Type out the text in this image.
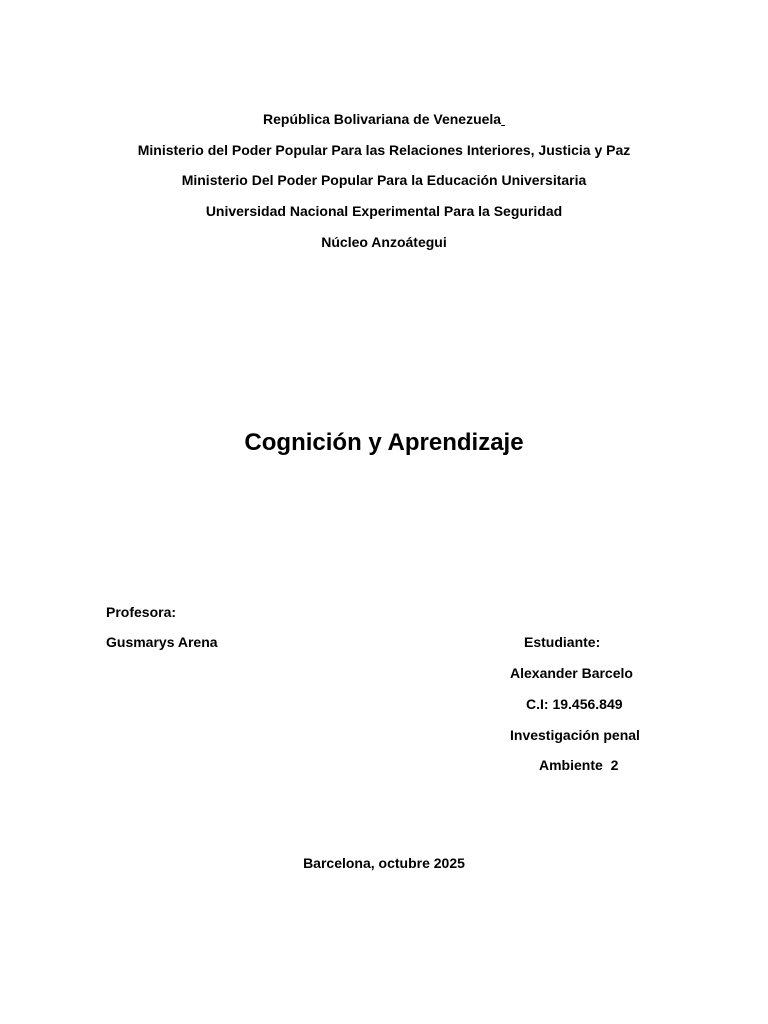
República Bolivariana de Venezuela
Ministerio del Poder Popular Para las Relaciones Interiores, Justicia y Paz
Ministerio Del Poder Popular Para la Educación Universitaria
Universidad Nacional Experimental Para la Seguridad
Núcleo Anzoátegui
Cognición y Aprendizaje
Profesora:
Gusmarys Arena	Estudiante:
Alexander Barcelo
C.I: 19.456.849
Investigación penal
Ambiente  2
Barcelona, octubre 2025
